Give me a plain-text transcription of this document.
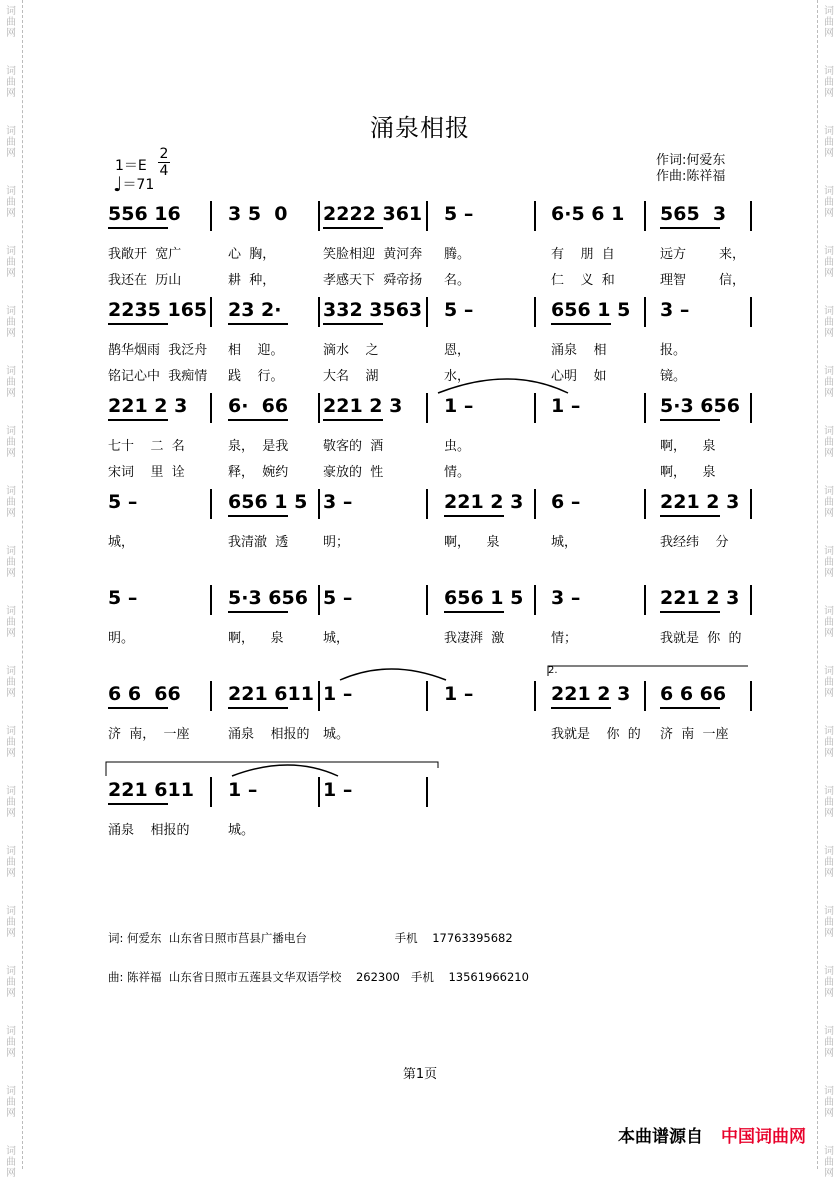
词
曲
网
词
曲
网
词
曲
网
词
曲
网
词
曲
网
词
曲
网
词
曲
网
词
曲
网
词
曲
网
词
曲
网
词
曲
网
词
曲
网
词
曲
网
词
曲
网
词
曲
网
词
曲
网
词
曲
网
词
曲
网
词
曲
网
词
曲
网
词
曲
网
词
曲
网
词
曲
网
词
曲
网
词
曲
网
词
曲
网
词
曲
网
词
曲
网
词
曲
网
词
曲
网
词
曲
网
词
曲
网
词
曲
网
词
曲
网
词
曲
网
词
曲
网
词
曲
网
词
曲
网
词
曲
网
词
曲
网
涌泉相报
$1=E \frac{2}{4}$
♩＝71
作词:何爱东
作曲:陈祥福
556 16 3 5  0 2222 361 5 –	6·5 6 1 565  3
我敞开  宽广	心  胸，	笑脸相迎  黄河奔 腾。	有    朋  自	远方        来，
我还在  历山	耕  种，	孝感天下  舜帝扬 名。	仁    义  和	理智        信，
2235 165 23 2· 332 3563 5 –	656 1 5 3 –
鹊华烟雨  我泛舟 相    迎。	滴水    之	恩，	涌泉    相	报。
铭记心中  我痴情 践    行。	大名    湖	水，	心明    如	镜。
221 2 3 6·  66 221 2 3 1 –	1 –	5·3 656
七十    二  名	泉，  是我	敬客的  酒	虫。	啊，    泉
宋词    里  诠	释，  婉约	豪放的  性	情。	啊，    泉
5 –	656 1 5 3 –	221 2 3 6 –	221 2 3
城，	我清澈  透	明；	啊，    泉	城，	我经纬    分
5 –	5·3 656 5 –	656 1 5 3 –	221 2 3
明。	啊，    泉	城，	我凄湃  激	情；	我就是  你  的
6 6  66 221 611 1 –	1 –	221 2 3 6 6 66
济  南，  一座	涌泉    相报的 城。	我就是    你  的 济  南  一座
2.
221 611 1 –	1 –
涌泉    相报的	城。

词: 何爱东  山东省日照市莒县广播电台                        手机    17763395682

曲: 陈祥福  山东省日照市五莲县文华双语学校    262300   手机    13561966210

第1页
本曲谱源自 中国词曲网
